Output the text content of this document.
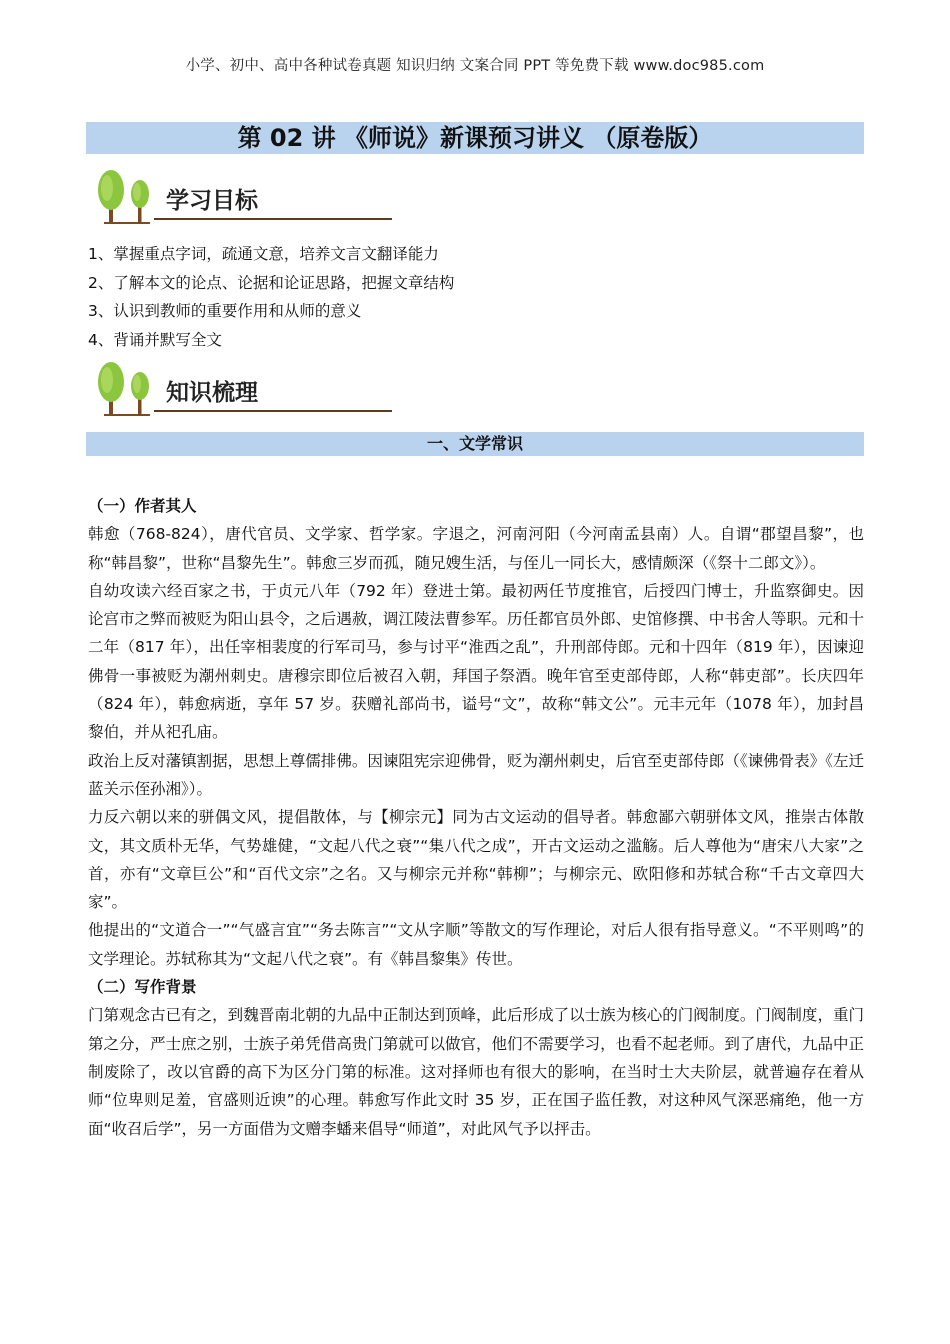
小学、初中、高中各种试卷真题 知识归纳 文案合同 PPT 等免费下载 www.doc985.com
第 02 讲 《师说》新课预习讲义 （原卷版）
学习目标
1、掌握重点字词，疏通文意，培养文言文翻译能力
2、了解本文的论点、论据和论证思路，把握文章结构
3、认识到教师的重要作用和从师的意义
4、背诵并默写全文
知识梳理
一、文学常识

（一）作者其人

韩愈（768-824），唐代官员、文学家、哲学家。字退之，河南河阳（今河南孟县南）人。自谓“郡望昌黎”，也称“韩昌黎”，世称“昌黎先生”。韩愈三岁而孤，随兄嫂生活，与侄儿一同长大，感情颇深（《祭十二郎文》）。

自幼攻读六经百家之书，于贞元八年（792 年）登进士第。最初两任节度推官，后授四门博士，升监察御史。因论宫市之弊而被贬为阳山县令，之后遇赦，调江陵法曹参军。历任都官员外郎、史馆修撰、中书舍人等职。元和十二年（817 年），出任宰相裴度的行军司马，参与讨平“淮西之乱”，升刑部侍郎。元和十四年（819 年），因谏迎佛骨一事被贬为潮州刺史。唐穆宗即位后被召入朝，拜国子祭酒。晚年官至吏部侍郎，人称“韩吏部”。长庆四年（824 年），韩愈病逝，享年 57 岁。获赠礼部尚书，谥号“文”，故称“韩文公”。元丰元年（1078 年），加封昌黎伯，并从祀孔庙。

政治上反对藩镇割据，思想上尊儒排佛。因谏阻宪宗迎佛骨，贬为潮州刺史，后官至吏部侍郎（《谏佛骨表》《左迁蓝关示侄孙湘》）。

力反六朝以来的骈偶文风，提倡散体，与【柳宗元】同为古文运动的倡导者。韩愈鄙六朝骈体文风，推崇古体散文，其文质朴无华，气势雄健，“文起八代之衰”“集八代之成”，开古文运动之滥觞。后人尊他为“唐宋八大家”之首，亦有“文章巨公”和“百代文宗”之名。又与柳宗元并称“韩柳”；与柳宗元、欧阳修和苏轼合称“千古文章四大家”。

他提出的“文道合一”“气盛言宜”“务去陈言”“文从字顺”等散文的写作理论，对后人很有指导意义。“不平则鸣”的文学理论。苏轼称其为“文起八代之衰”。有《韩昌黎集》传世。

（二）写作背景

门第观念古已有之，到魏晋南北朝的九品中正制达到顶峰，此后形成了以士族为核心的门阀制度。门阀制度，重门第之分，严士庶之别，士族子弟凭借高贵门第就可以做官，他们不需要学习，也看不起老师。到了唐代，九品中正制废除了，改以官爵的高下为区分门第的标准。这对择师也有很大的影响，在当时士大夫阶层，就普遍存在着从师“位卑则足羞，官盛则近谀”的心理。韩愈写作此文时 35 岁，正在国子监任教，对这种风气深恶痛绝，他一方面“收召后学”，另一方面借为文赠李蟠来倡导“师道”，对此风气予以抨击。
